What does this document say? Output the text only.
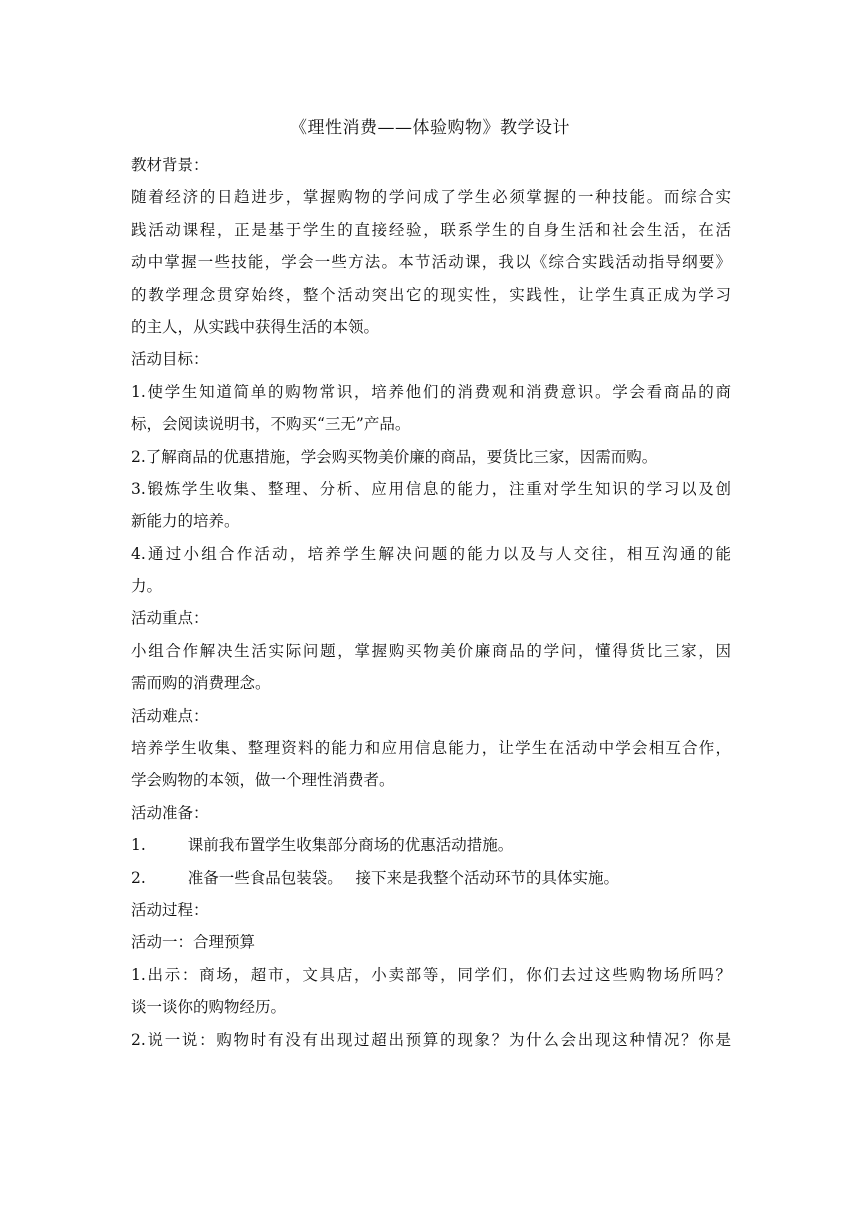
《理性消费——体验购物》教学设计
教材背景：
随着经济的日趋进步，掌握购物的学问成了学生必须掌握的一种技能。而综合实
践活动课程，正是基于学生的直接经验，联系学生的自身生活和社会生活，在活
动中掌握一些技能，学会一些方法。本节活动课，我以《综合实践活动指导纲要》
的教学理念贯穿始终，整个活动突出它的现实性，实践性，让学生真正成为学习
的主人，从实践中获得生活的本领。
活动目标：
1.使学生知道简单的购物常识，培养他们的消费观和消费意识。学会看商品的商
标，会阅读说明书，不购买“三无”产品。
2.了解商品的优惠措施，学会购买物美价廉的商品，要货比三家，因需而购。
3.锻炼学生收集、整理、分析、应用信息的能力，注重对学生知识的学习以及创
新能力的培养。
4.通过小组合作活动，培养学生解决问题的能力以及与人交往，相互沟通的能
力。
活动重点：
小组合作解决生活实际问题，掌握购买物美价廉商品的学问，懂得货比三家，因
需而购的消费理念。
活动难点：
培养学生收集、整理资料的能力和应用信息能力，让学生在活动中学会相互合作，
学会购物的本领，做一个理性消费者。
活动准备：
1.	课前我布置学生收集部分商场的优惠活动措施。
2.	准备一些食品包装袋。　 接下来是我整个活动环节的具体实施。
活动过程：
活动一：合理预算
1.出示：商场，超市，文具店，小卖部等，同学们，你们去过这些购物场所吗？
谈一谈你的购物经历。
2.说一说：购物时有没有出现过超出预算的现象？为什么会出现这种情况？你是
